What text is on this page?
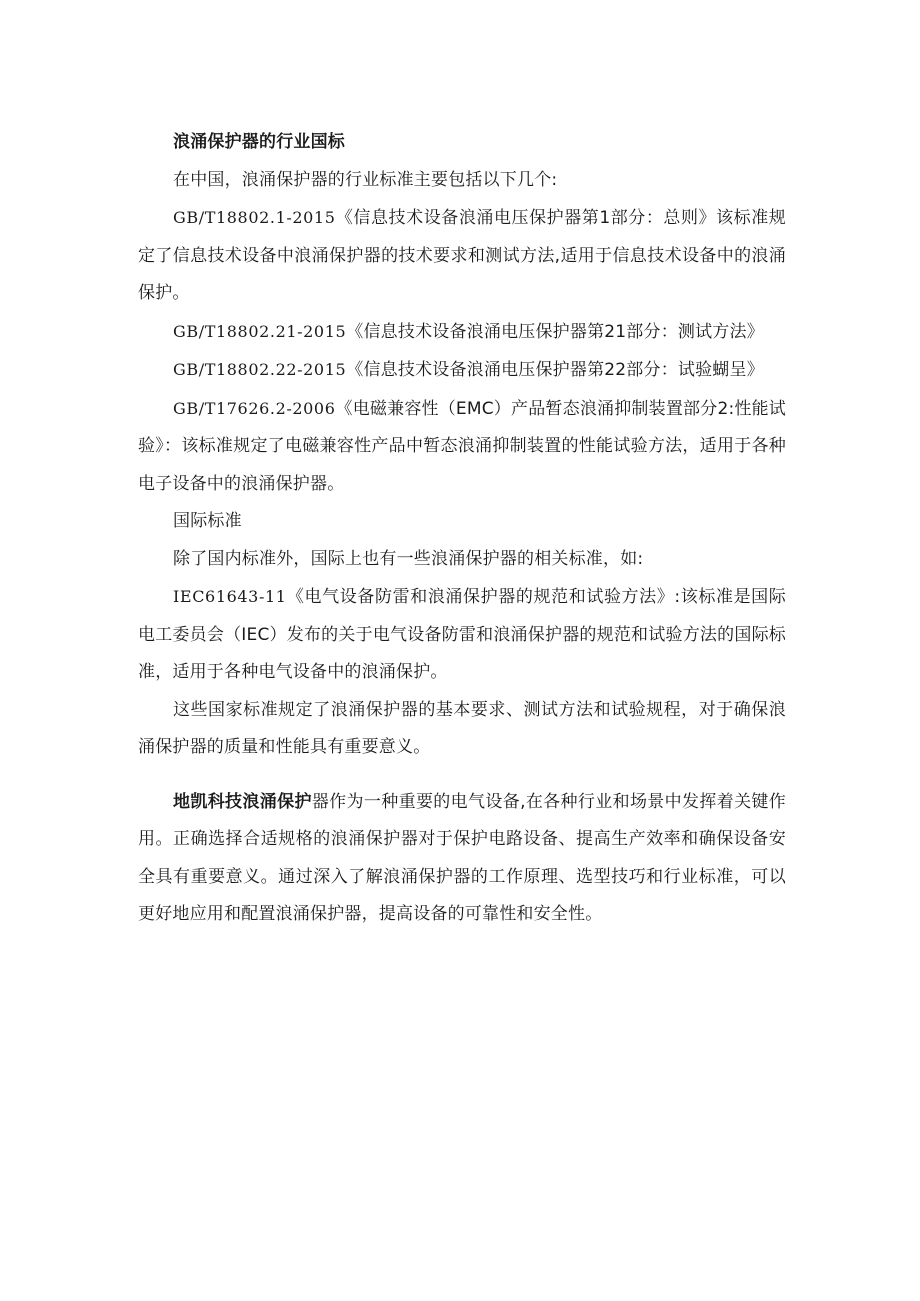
浪涌保护器的行业国标

在中国，浪涌保护器的行业标准主要包括以下几个:

GB/T18802.1-2015《信息技术设备浪涌电压保护器第1部分：总则》该标准规定了信息技术设备中浪涌保护器的技术要求和测试方法,适用于信息技术设备中的浪涌保护。

GB/T18802.21-2015《信息技术设备浪涌电压保护器第21部分：测试方法》

GB/T18802.22-2015《信息技术设备浪涌电压保护器第22部分：试验蝴呈》

GB/T17626.2-2006《电磁兼容性（EMC）产品暂态浪涌抑制装置部分2:性能试验》：该标准规定了电磁兼容性产品中暂态浪涌抑制装置的性能试验方法，适用于各种电子设备中的浪涌保护器。

国际标准

除了国内标准外，国际上也有一些浪涌保护器的相关标准，如:

IEC61643-11《电气设备防雷和浪涌保护器的规范和试验方法》:该标准是国际电工委员会（IEC）发布的关于电气设备防雷和浪涌保护器的规范和试验方法的国际标准，适用于各种电气设备中的浪涌保护。

这些国家标准规定了浪涌保护器的基本要求、测试方法和试验规程，对于确保浪涌保护器的质量和性能具有重要意义。

地凯科技浪涌保护器作为一种重要的电气设备,在各种行业和场景中发挥着关键作用。正确选择合适规格的浪涌保护器对于保护电路设备、提高生产效率和确保设备安全具有重要意义。通过深入了解浪涌保护器的工作原理、选型技巧和行业标准，可以更好地应用和配置浪涌保护器，提高设备的可靠性和安全性。
